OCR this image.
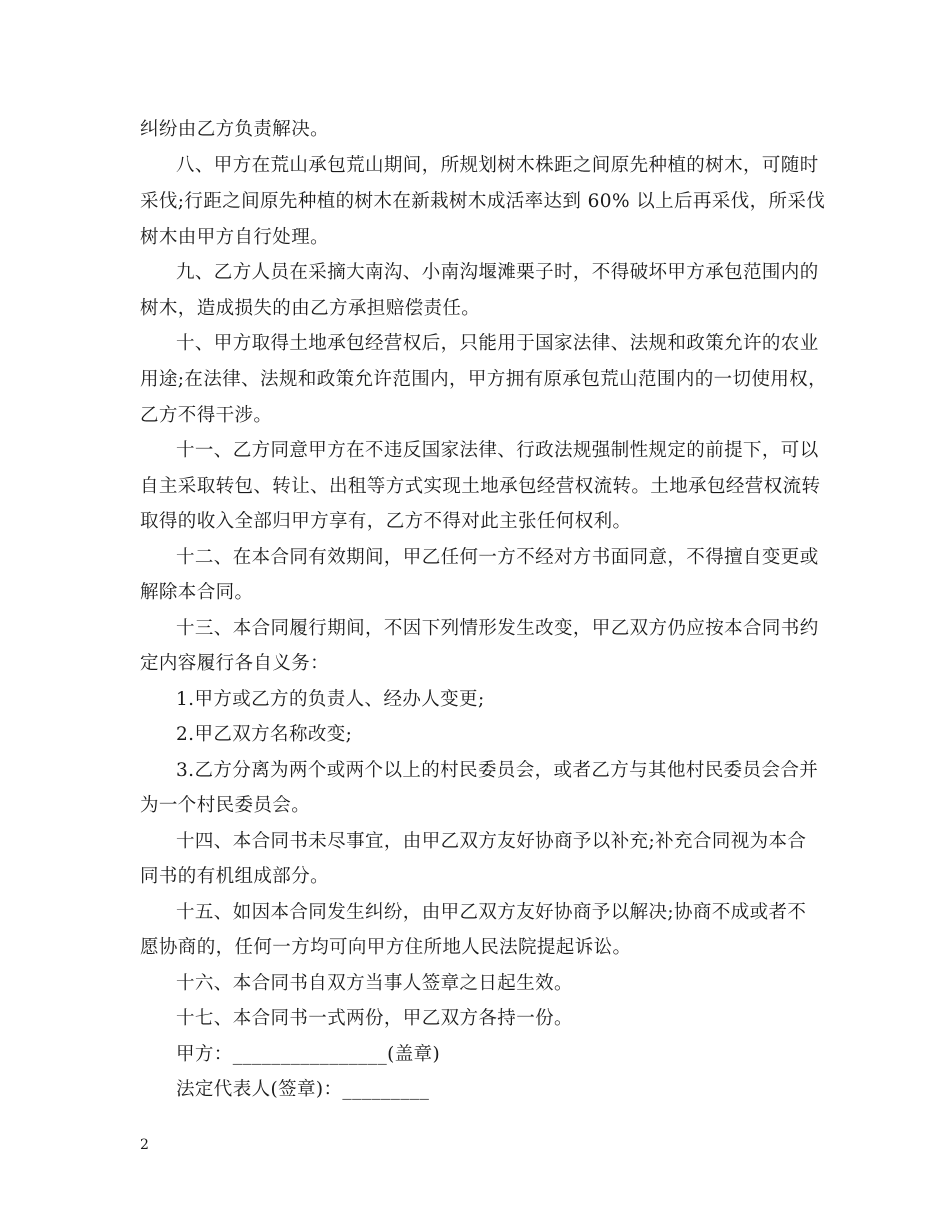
纠纷由乙方负责解决。
八、甲方在荒山承包荒山期间，所规划树木株距之间原先种植的树木，可随时
采伐;行距之间原先种植的树木在新栽树木成活率达到 60% 以上后再采伐，所采伐
树木由甲方自行处理。
九、乙方人员在采摘大南沟、小南沟堰滩栗子时，不得破坏甲方承包范围内的
树木，造成损失的由乙方承担赔偿责任。
十、甲方取得土地承包经营权后，只能用于国家法律、法规和政策允许的农业
用途;在法律、法规和政策允许范围内，甲方拥有原承包荒山范围内的一切使用权，
乙方不得干涉。
十一、乙方同意甲方在不违反国家法律、行政法规强制性规定的前提下，可以
自主采取转包、转让、出租等方式实现土地承包经营权流转。土地承包经营权流转
取得的收入全部归甲方享有，乙方不得对此主张任何权利。
十二、在本合同有效期间，甲乙任何一方不经对方书面同意，不得擅自变更或
解除本合同。
十三、本合同履行期间，不因下列情形发生改变，甲乙双方仍应按本合同书约
定内容履行各自义务：
1.甲方或乙方的负责人、经办人变更;
2.甲乙双方名称改变;
3.乙方分离为两个或两个以上的村民委员会，或者乙方与其他村民委员会合并
为一个村民委员会。
十四、本合同书未尽事宜，由甲乙双方友好协商予以补充;补充合同视为本合
同书的有机组成部分。
十五、如因本合同发生纠纷，由甲乙双方友好协商予以解决;协商不成或者不
愿协商的，任何一方均可向甲方住所地人民法院提起诉讼。
十六、本合同书自双方当事人签章之日起生效。
十七、本合同书一式两份，甲乙双方各持一份。
甲方：________________(盖章)
法定代表人(签章)：_________
2
